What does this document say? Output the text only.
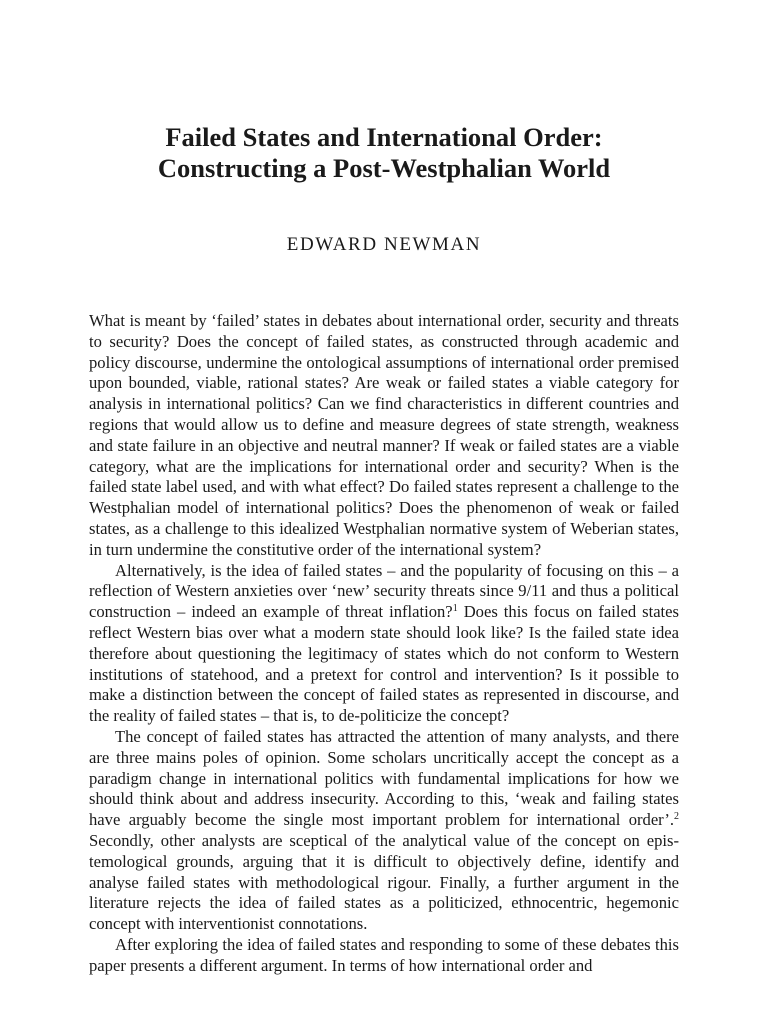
Failed States and International Order:
Constructing a Post-Westphalian World
EDWARD NEWMAN

What is meant by ‘failed’ states in debates about international order, security and threats to security? Does the concept of failed states, as constructed through academic and policy discourse, undermine the ontological assumptions of international order premised upon bounded, viable, rational states? Are weak or failed states a viable category for analysis in international politics? Can we find characteristics in different countries and regions that would allow us to define and measure degrees of state strength, weakness and state failure in an objective and neutral manner? If weak or failed states are a viable category, what are the implications for international order and security? When is the failed state label used, and with what effect? Do failed states represent a challenge to the Westphalian model of international politics? Does the phenomenon of weak or failed states, as a challenge to this idealized Westphalian normative system of Weberian states, in turn undermine the constitutive order of the international system?

Alternatively, is the idea of failed states – and the popularity of focusing on this – a reflection of Western anxieties over ‘new’ security threats since 9/11 and thus a political construction – indeed an example of threat inflation?$^1$ Does this focus on failed states reflect Western bias over what a modern state should look like? Is the failed state idea therefore about questioning the legitimacy of states which do not conform to Western institutions of statehood, and a pretext for control and intervention? Is it possible to make a distinction between the concept of failed states as represented in discourse, and the reality of failed states – that is, to de-politicize the concept?

The concept of failed states has attracted the attention of many analysts, and there are three mains poles of opinion. Some scholars uncritically accept the concept as a paradigm change in international politics with fundamental implications for how we should think about and address insecurity. According to this, ‘weak and failing states have arguably become the single most important problem for international order’.$^2$ Secondly, other analysts are sceptical of the analytical value of the concept on epistemological grounds, arguing that it is difficult to objectively define, identify and analyse failed states with methodological rigour. Finally, a further argument in the literature rejects the idea of failed states as a politicized, ethnocentric, hegemonic concept with interventionist connotations.

After exploring the idea of failed states and responding to some of these debates this paper presents a different argument. In terms of how international order and
